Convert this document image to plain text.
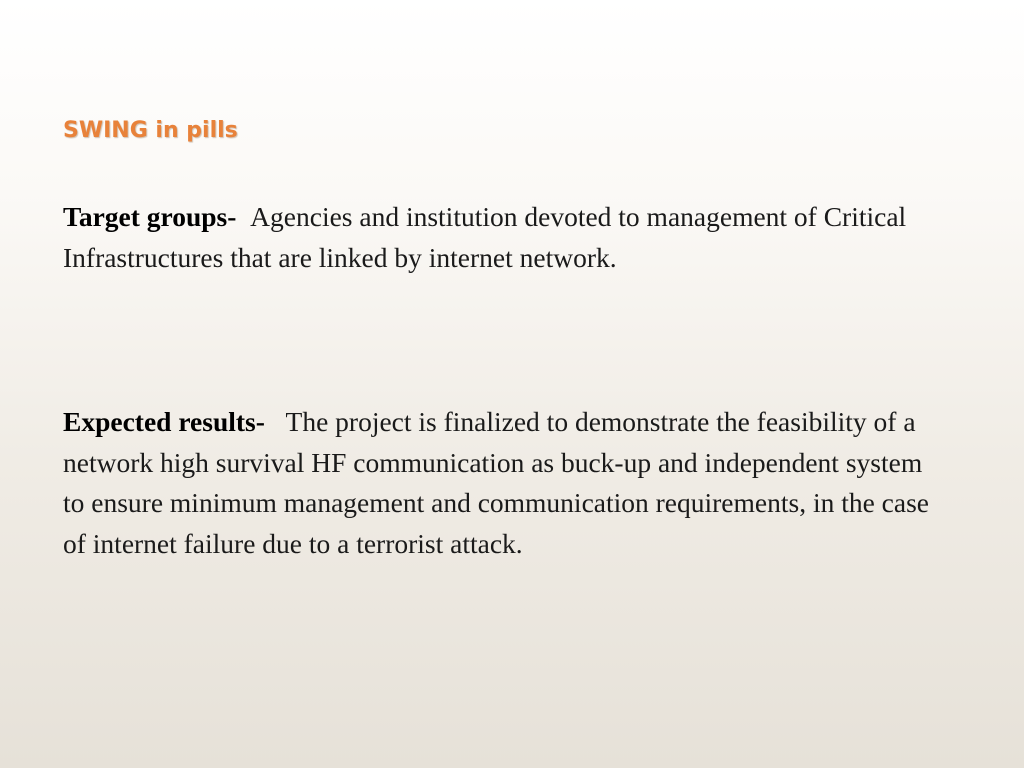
SWING in pills

Target groups- Agencies and institution devoted to management of Critical Infrastructures that are linked by internet network.

Expected results- The project is finalized to demonstrate the feasibility of a network high survival HF communication as buck-up and independent system to ensure minimum management and communication requirements, in the case of internet failure due to a terrorist attack.
